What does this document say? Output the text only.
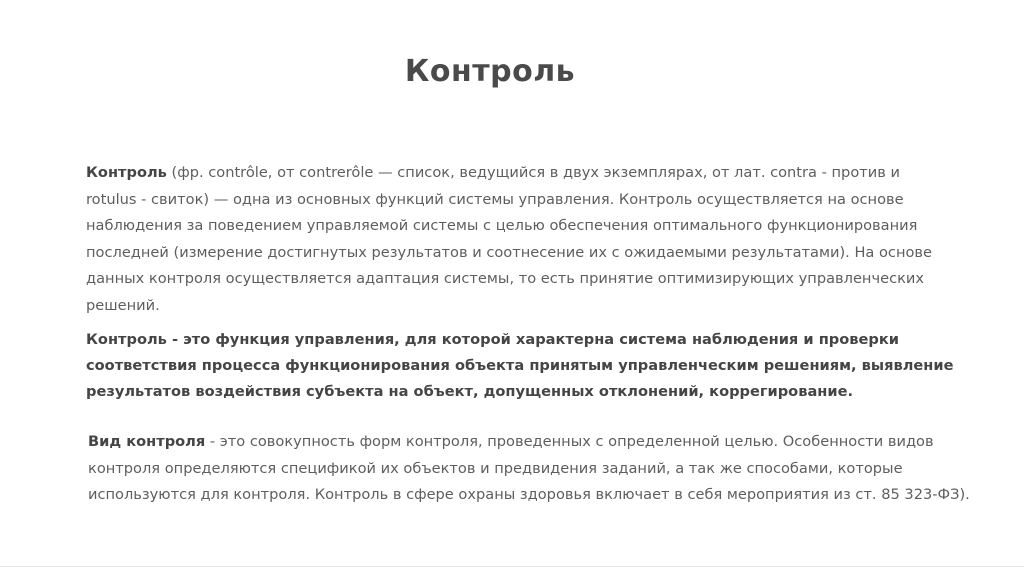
Контроль

Контроль (фр. contrôle, от contrerôle — список, ведущийся в двух экземплярах, от лат. contra - против и rotulus - свиток) — одна из основных функций системы управления. Контроль осуществляется на основе наблюдения за поведением управляемой системы с целью обеспечения оптимального функционирования последней (измерение достигнутых результатов и соотнесение их с ожидаемыми результатами). На основе данных контроля осуществляется адаптация системы, то есть принятие оптимизирующих управленческих решений.

Контроль - это функция управления, для которой характерна система наблюдения и проверки соответствия процесса функционирования объекта принятым управленческим решениям, выявление результатов воздействия субъекта на объект, допущенных отклонений, коррегирование.

Вид контроля - это совокупность форм контроля, проведенных с определенной целью. Особенности видов контроля определяются спецификой их объектов и предвидения заданий, а так же способами, которые используются для контроля. Контроль в сфере охраны здоровья включает в себя мероприятия из ст. 85 323-ФЗ).
